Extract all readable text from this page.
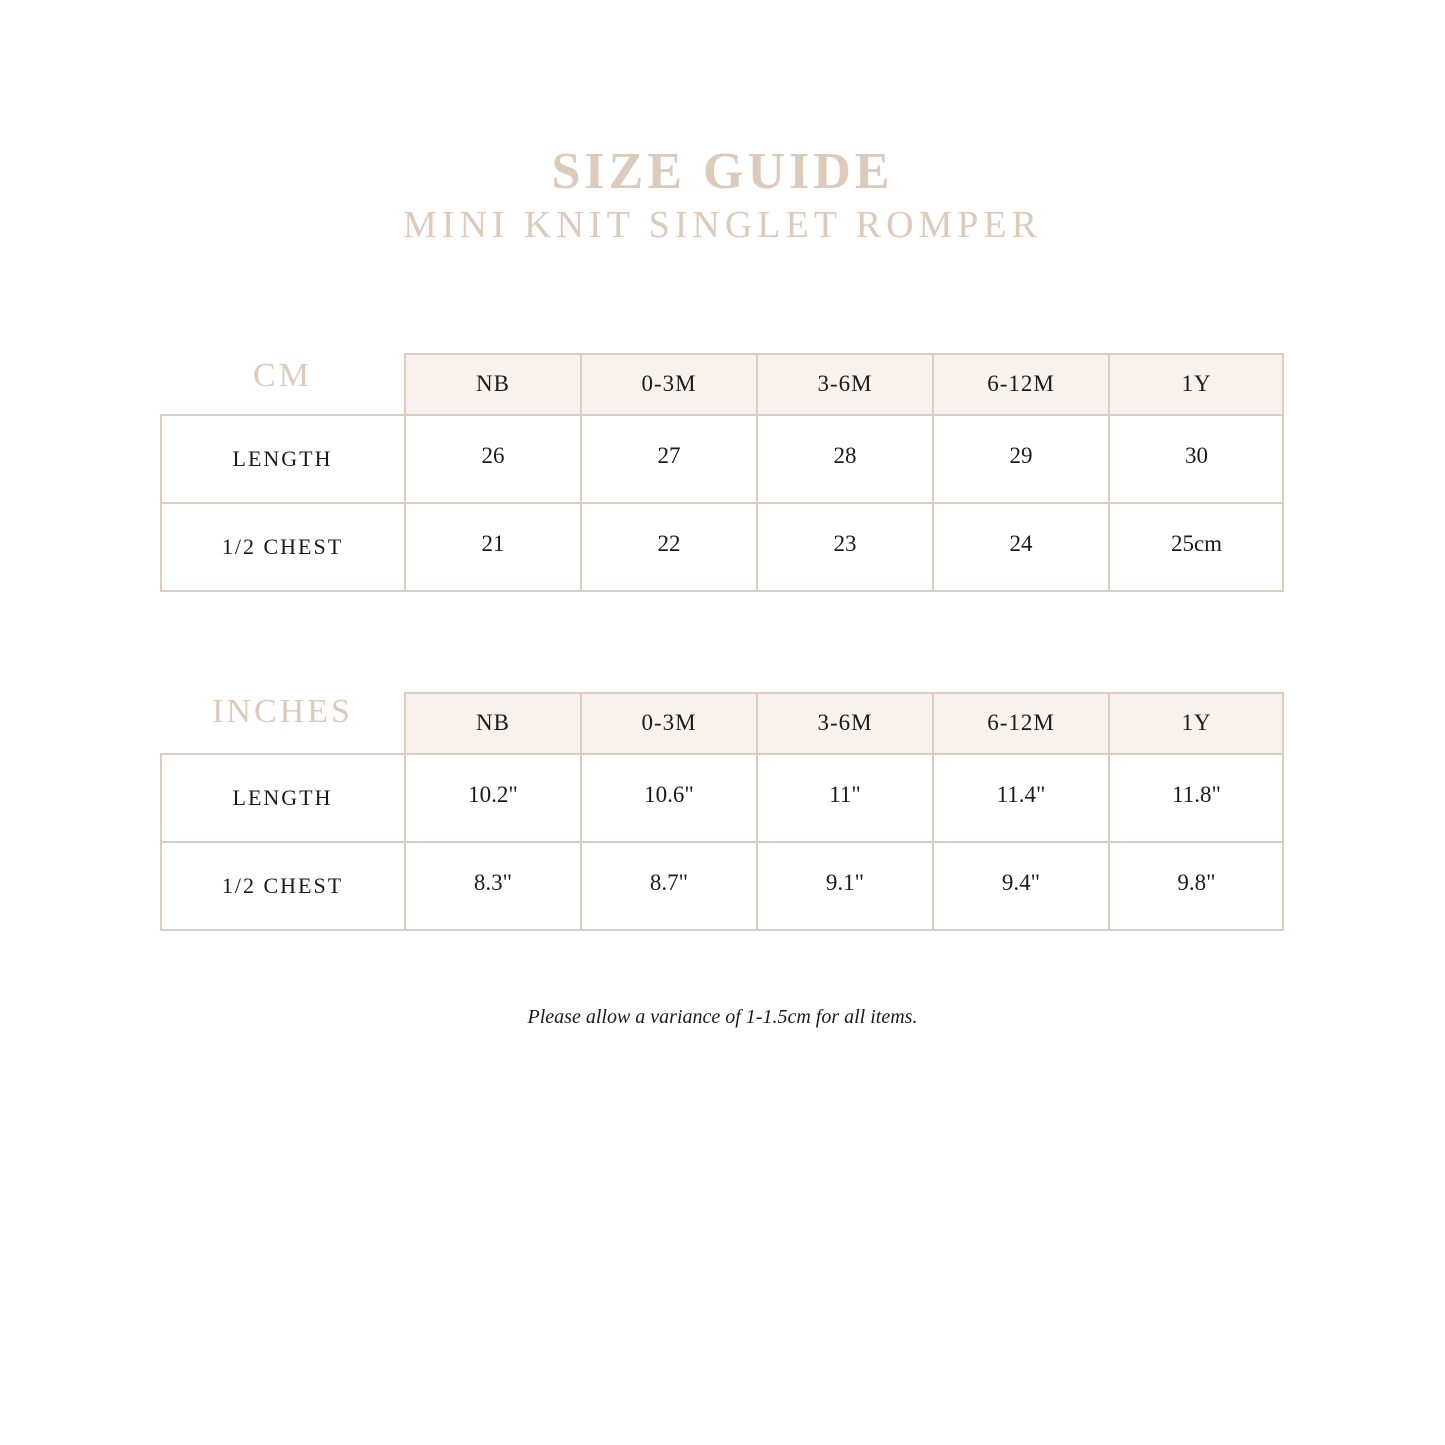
SIZE GUIDE
MINI KNIT SINGLET ROMPER
CM	NB	0-3M	3-6M	6-12M	1Y
LENGTH	26	27	28	29	30
1/2 CHEST	21	22	23	24	25cm
INCHES	NB	0-3M	3-6M	6-12M	1Y
LENGTH	10.2"	10.6"	11"	11.4"	11.8"
1/2 CHEST	8.3"	8.7"	9.1"	9.4"	9.8"
Please allow a variance of 1-1.5cm for all items.
